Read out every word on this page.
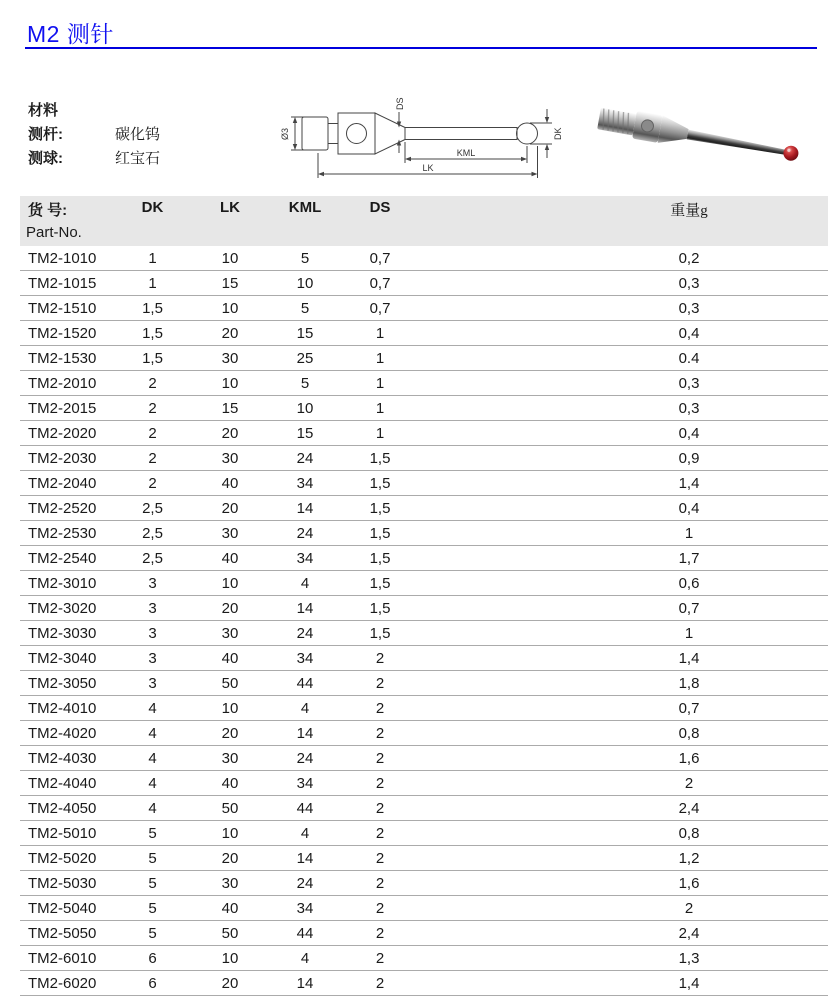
M2 测针
材料
测杆:	碳化钨
测球:	红宝石
Ø3
DS
DK
KML
LK
货 号:
Part-No.	DK	LK	KML	DS		重量g
TM2-1010	1	10	5	0,7		0,2
TM2-1015	1	15	10	0,7		0,3
TM2-1510	1,5	10	5	0,7		0,3
TM2-1520	1,5	20	15	1		0,4
TM2-1530	1,5	30	25	1		0.4
TM2-2010	2	10	5	1		0,3
TM2-2015	2	15	10	1		0,3
TM2-2020	2	20	15	1		0,4
TM2-2030	2	30	24	1,5		0,9
TM2-2040	2	40	34	1,5		1,4
TM2-2520	2,5	20	14	1,5		0,4
TM2-2530	2,5	30	24	1,5		1
TM2-2540	2,5	40	34	1,5		1,7
TM2-3010	3	10	4	1,5		0,6
TM2-3020	3	20	14	1,5		0,7
TM2-3030	3	30	24	1,5		1
TM2-3040	3	40	34	2		1,4
TM2-3050	3	50	44	2		1,8
TM2-4010	4	10	4	2		0,7
TM2-4020	4	20	14	2		0,8
TM2-4030	4	30	24	2		1,6
TM2-4040	4	40	34	2		2
TM2-4050	4	50	44	2		2,4
TM2-5010	5	10	4	2		0,8
TM2-5020	5	20	14	2		1,2
TM2-5030	5	30	24	2		1,6
TM2-5040	5	40	34	2		2
TM2-5050	5	50	44	2		2,4
TM2-6010	6	10	4	2		1,3
TM2-6020	6	20	14	2		1,4
